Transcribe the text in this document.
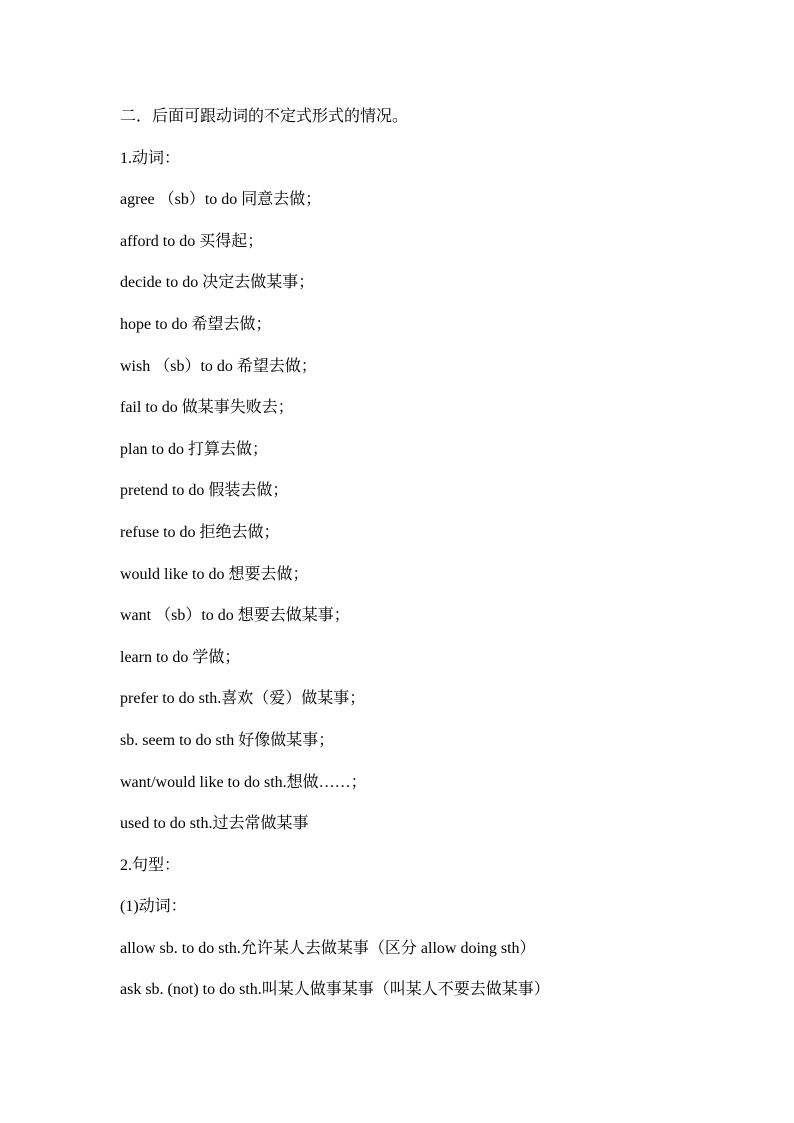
二．后面可跟动词的不定式形式的情况。
1.动词：
agree （sb）to do 同意去做；
afford to do 买得起；
decide to do 决定去做某事；
hope to do 希望去做；
wish （sb）to do 希望去做；
fail to do 做某事失败去；
plan to do 打算去做；
pretend to do 假装去做；
refuse to do 拒绝去做；
would like to do 想要去做；
want （sb）to do 想要去做某事；
learn to do 学做；
prefer to do sth.喜欢（爱）做某事；
sb. seem to do sth 好像做某事；
want/would like to do sth.想做……；
used to do sth.过去常做某事
2.句型：
(1)动词：
allow sb. to do sth.允许某人去做某事（区分 allow doing sth）
ask sb. (not) to do sth.叫某人做事某事（叫某人不要去做某事）
